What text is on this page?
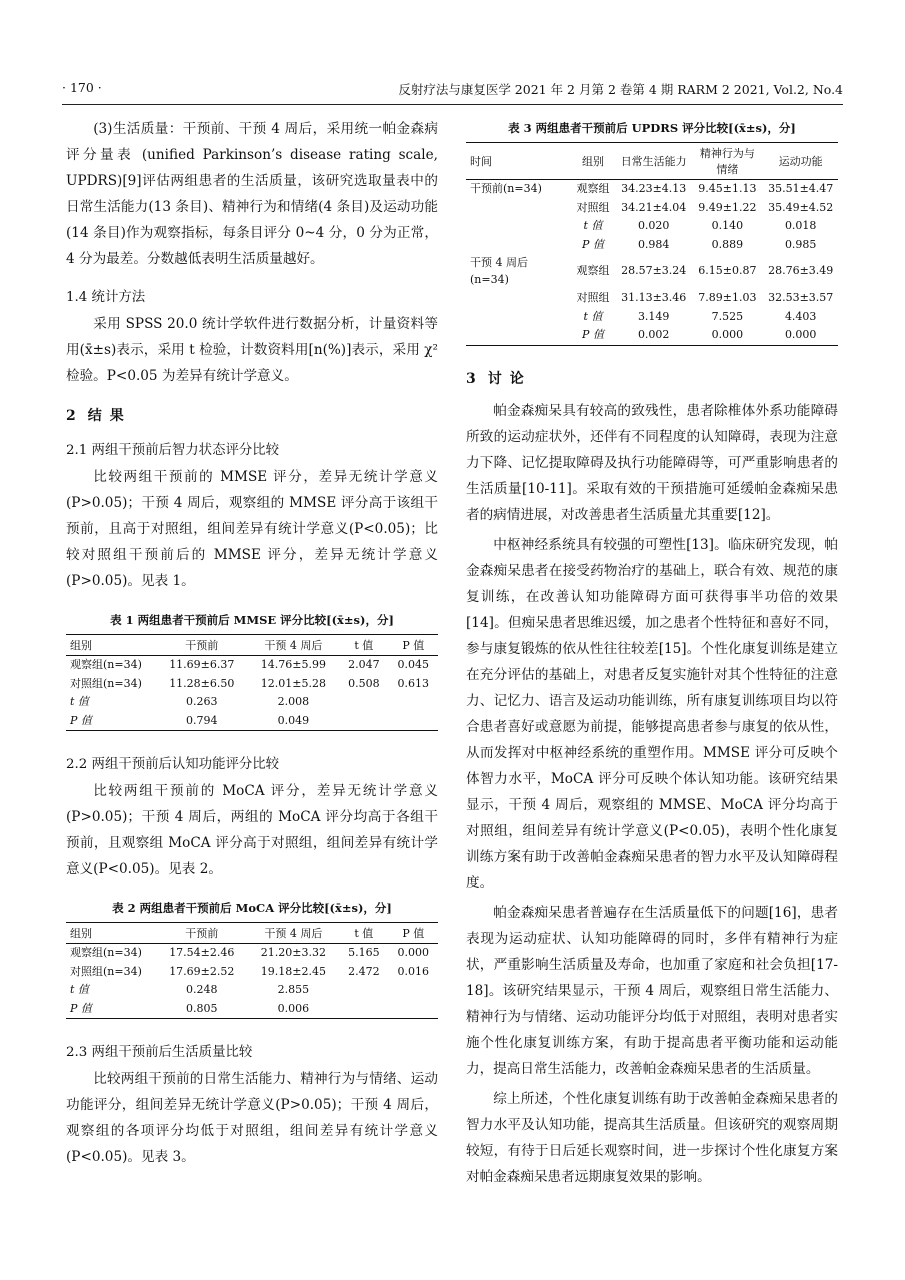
· 170 ·	反射疗法与康复医学 2021 年 2 月第 2 卷第 4 期 RARM 2 2021, Vol.2, No.4

(3)生活质量：干预前、干预 4 周后，采用统一帕金森病评分量表 (unified Parkinson’s disease rating scale, UPDRS)[9]评估两组患者的生活质量，该研究选取量表中的日常生活能力(13 条目)、精神行为和情绪(4 条目)及运动功能(14 条目)作为观察指标，每条目评分 0~4 分，0 分为正常，4 分为最差。分数越低表明生活质量越好。

1.4 统计方法

采用 SPSS 20.0 统计学软件进行数据分析，计量资料等用(x̄±s)表示，采用 t 检验，计数资料用[n(%)]表示，采用 χ² 检验。P<0.05 为差异有统计学意义。

2 结果
2.1 两组干预前后智力状态评分比较

比较两组干预前的 MMSE 评分，差异无统计学意义(P>0.05)；干预 4 周后，观察组的 MMSE 评分高于该组干预前，且高于对照组，组间差异有统计学意义(P<0.05)；比较对照组干预前后的 MMSE 评分，差异无统计学意义(P>0.05)。见表 1。

表 1 两组患者干预前后 MMSE 评分比较[(x̄±s)，分]
组别	干预前	干预 4 周后	t 值	P 值
观察组(n=34)	11.69±6.37	14.76±5.99	2.047	0.045
对照组(n=34)	11.28±6.50	12.01±5.28	0.508	0.613
t 值	0.263	2.008		
P 值	0.794	0.049		
2.2 两组干预前后认知功能评分比较

比较两组干预前的 MoCA 评分，差异无统计学意义(P>0.05)；干预 4 周后，两组的 MoCA 评分均高于各组干预前，且观察组 MoCA 评分高于对照组，组间差异有统计学意义(P<0.05)。见表 2。

表 2 两组患者干预前后 MoCA 评分比较[(x̄±s)，分]
组别	干预前	干预 4 周后	t 值	P 值
观察组(n=34)	17.54±2.46	21.20±3.32	5.165	0.000
对照组(n=34)	17.69±2.52	19.18±2.45	2.472	0.016
t 值	0.248	2.855		
P 值	0.805	0.006		
2.3 两组干预前后生活质量比较

比较两组干预前的日常生活能力、精神行为与情绪、运动功能评分，组间差异无统计学意义(P>0.05)；干预 4 周后，观察组的各项评分均低于对照组，组间差异有统计学意义(P<0.05)。见表 3。

表 3 两组患者干预前后 UPDRS 评分比较[(x̄±s)，分]
时间	组别	日常生活能力	精神行为与情绪	运动功能
干预前(n=34)	观察组	34.23±4.13	9.45±1.13	35.51±4.47
	对照组	34.21±4.04	9.49±1.22	35.49±4.52
	t 值	0.020	0.140	0.018
	P 值	0.984	0.889	0.985
干预 4 周后(n=34)	观察组	28.57±3.24	6.15±0.87	28.76±3.49
	对照组	31.13±3.46	7.89±1.03	32.53±3.57
	t 值	3.149	7.525	4.403
	P 值	0.002	0.000	0.000
3 讨论

帕金森痴呆具有较高的致残性，患者除椎体外系功能障碍所致的运动症状外，还伴有不同程度的认知障碍，表现为注意力下降、记忆提取障碍及执行功能障碍等，可严重影响患者的生活质量[10-11]。采取有效的干预措施可延缓帕金森痴呆患者的病情进展，对改善患者生活质量尤其重要[12]。

中枢神经系统具有较强的可塑性[13]。临床研究发现，帕金森痴呆患者在接受药物治疗的基础上，联合有效、规范的康复训练，在改善认知功能障碍方面可获得事半功倍的效果[14]。但痴呆患者思维迟缓，加之患者个性特征和喜好不同，参与康复锻炼的依从性往往较差[15]。个性化康复训练是建立在充分评估的基础上，对患者反复实施针对其个性特征的注意力、记忆力、语言及运动功能训练，所有康复训练项目均以符合患者喜好或意愿为前提，能够提高患者参与康复的依从性，从而发挥对中枢神经系统的重塑作用。MMSE 评分可反映个体智力水平，MoCA 评分可反映个体认知功能。该研究结果显示，干预 4 周后，观察组的 MMSE、MoCA 评分均高于对照组，组间差异有统计学意义(P<0.05)，表明个性化康复训练方案有助于改善帕金森痴呆患者的智力水平及认知障碍程度。

帕金森痴呆患者普遍存在生活质量低下的问题[16]，患者表现为运动症状、认知功能障碍的同时，多伴有精神行为症状，严重影响生活质量及寿命，也加重了家庭和社会负担[17-18]。该研究结果显示，干预 4 周后，观察组日常生活能力、精神行为与情绪、运动功能评分均低于对照组，表明对患者实施个性化康复训练方案，有助于提高患者平衡功能和运动能力，提高日常生活能力，改善帕金森痴呆患者的生活质量。

综上所述，个性化康复训练有助于改善帕金森痴呆患者的智力水平及认知功能，提高其生活质量。但该研究的观察周期较短，有待于日后延长观察时间，进一步探讨个性化康复方案对帕金森痴呆患者远期康复效果的影响。
